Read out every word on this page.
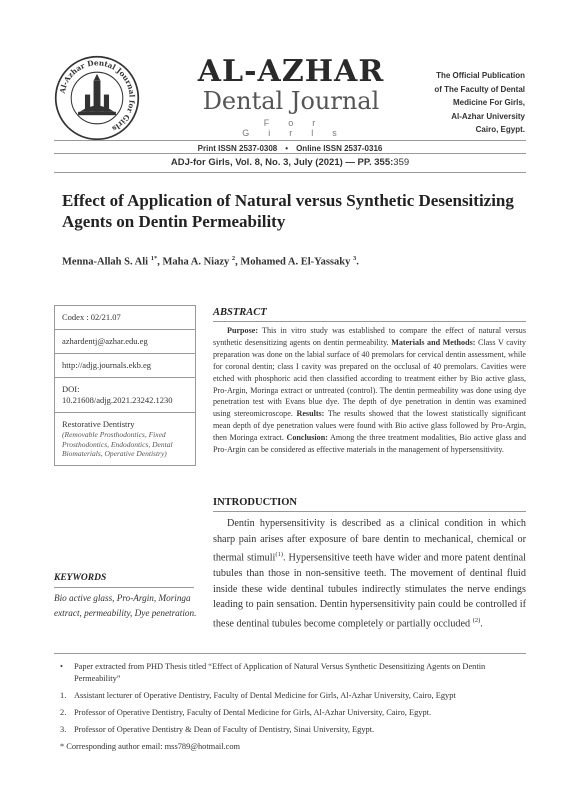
Al-Azhar Dental Journal for Girls
AL-AZHAR
Dental Journal
For Girls
The Official Publication
of The Faculty of Dental
Medicine For Girls,
Al-Azhar University
Cairo, Egypt.
Print ISSN 2537-0308 • Online ISSN 2537-0316
ADJ-for Girls, Vol. 8, No. 3, July (2021) — PP. 355:359
Effect of Application of Natural versus Synthetic Desensitizing Agents on Dentin Permeability
Menna-Allah S. Ali $^{1*}$, Maha A. Niazy $^2$, Mohamed A. El-Yassaky $^3$.
Codex : 02/21.07
azhardentj@azhar.edu.eg
http://adjg.journals.ekb.eg
DOI: 10.21608/adjg.2021.23242.1230
Restorative Dentistry
(Removable Prosthodontics, Fixed Prosthodontics, Endodontics, Dental Biomaterials, Operative Dentistry)
ABSTRACT

Purpose: This in vitro study was established to compare the effect of natural versus synthetic desensitizing agents on dentin permeability. Materials and Methods: Class V cavity preparation was done on the labial surface of 40 premolars for cervical dentin assessment, while for coronal dentin; class I cavity was prepared on the occlusal of 40 premolars. Cavities were etched with phosphoric acid then classified according to treatment either by Bio active glass, Pro-Argin, Moringa extract or untreated (control). The dentin permeability was done using dye penetration test with Evans blue dye. The depth of dye penetration in dentin was examined using stereomicroscope. Results: The results showed that the lowest statistically significant mean depth of dye penetration values were found with Bio active glass followed by Pro-Argin, then Moringa extract. Conclusion: Among the three treatment modalities, Bio active glass and Pro-Argin can be considered as effective materials in the management of hypersensitivity.

INTRODUCTION

Dentin hypersensitivity is described as a clinical condition in which sharp pain arises after exposure of bare dentin to mechanical, chemical or thermal stimuli$^{(1)}$. Hypersensitive teeth have wider and more patent dentinal tubules than those in non-sensitive teeth. The movement of dentinal fluid inside these wide dentinal tubules indirectly stimulates the nerve endings leading to pain sensation. Dentin hypersensitivity pain could be controlled if these dentinal tubules become completely or partially occluded $^{(2)}$.

KEYWORDS
Bio active glass, Pro-Argin, Moringa extract, permeability, Dye penetration.
•	Paper extracted from PHD Thesis titled “Effect of Application of Natural Versus Synthetic Desensitizing Agents on Dentin Permeability”
1. Assistant lecturer of Operative Dentistry, Faculty of Dental Medicine for Girls, Al-Azhar University, Cairo, Egypt
2. Professor of Operative Dentistry, Faculty of Dental Medicine for Girls, Al-Azhar University, Cairo, Egypt.
3. Professor of Operative Dentistry & Dean of Faculty of Dentistry, Sinai University, Egypt.
* Corresponding author email: mss789@hotmail.com
